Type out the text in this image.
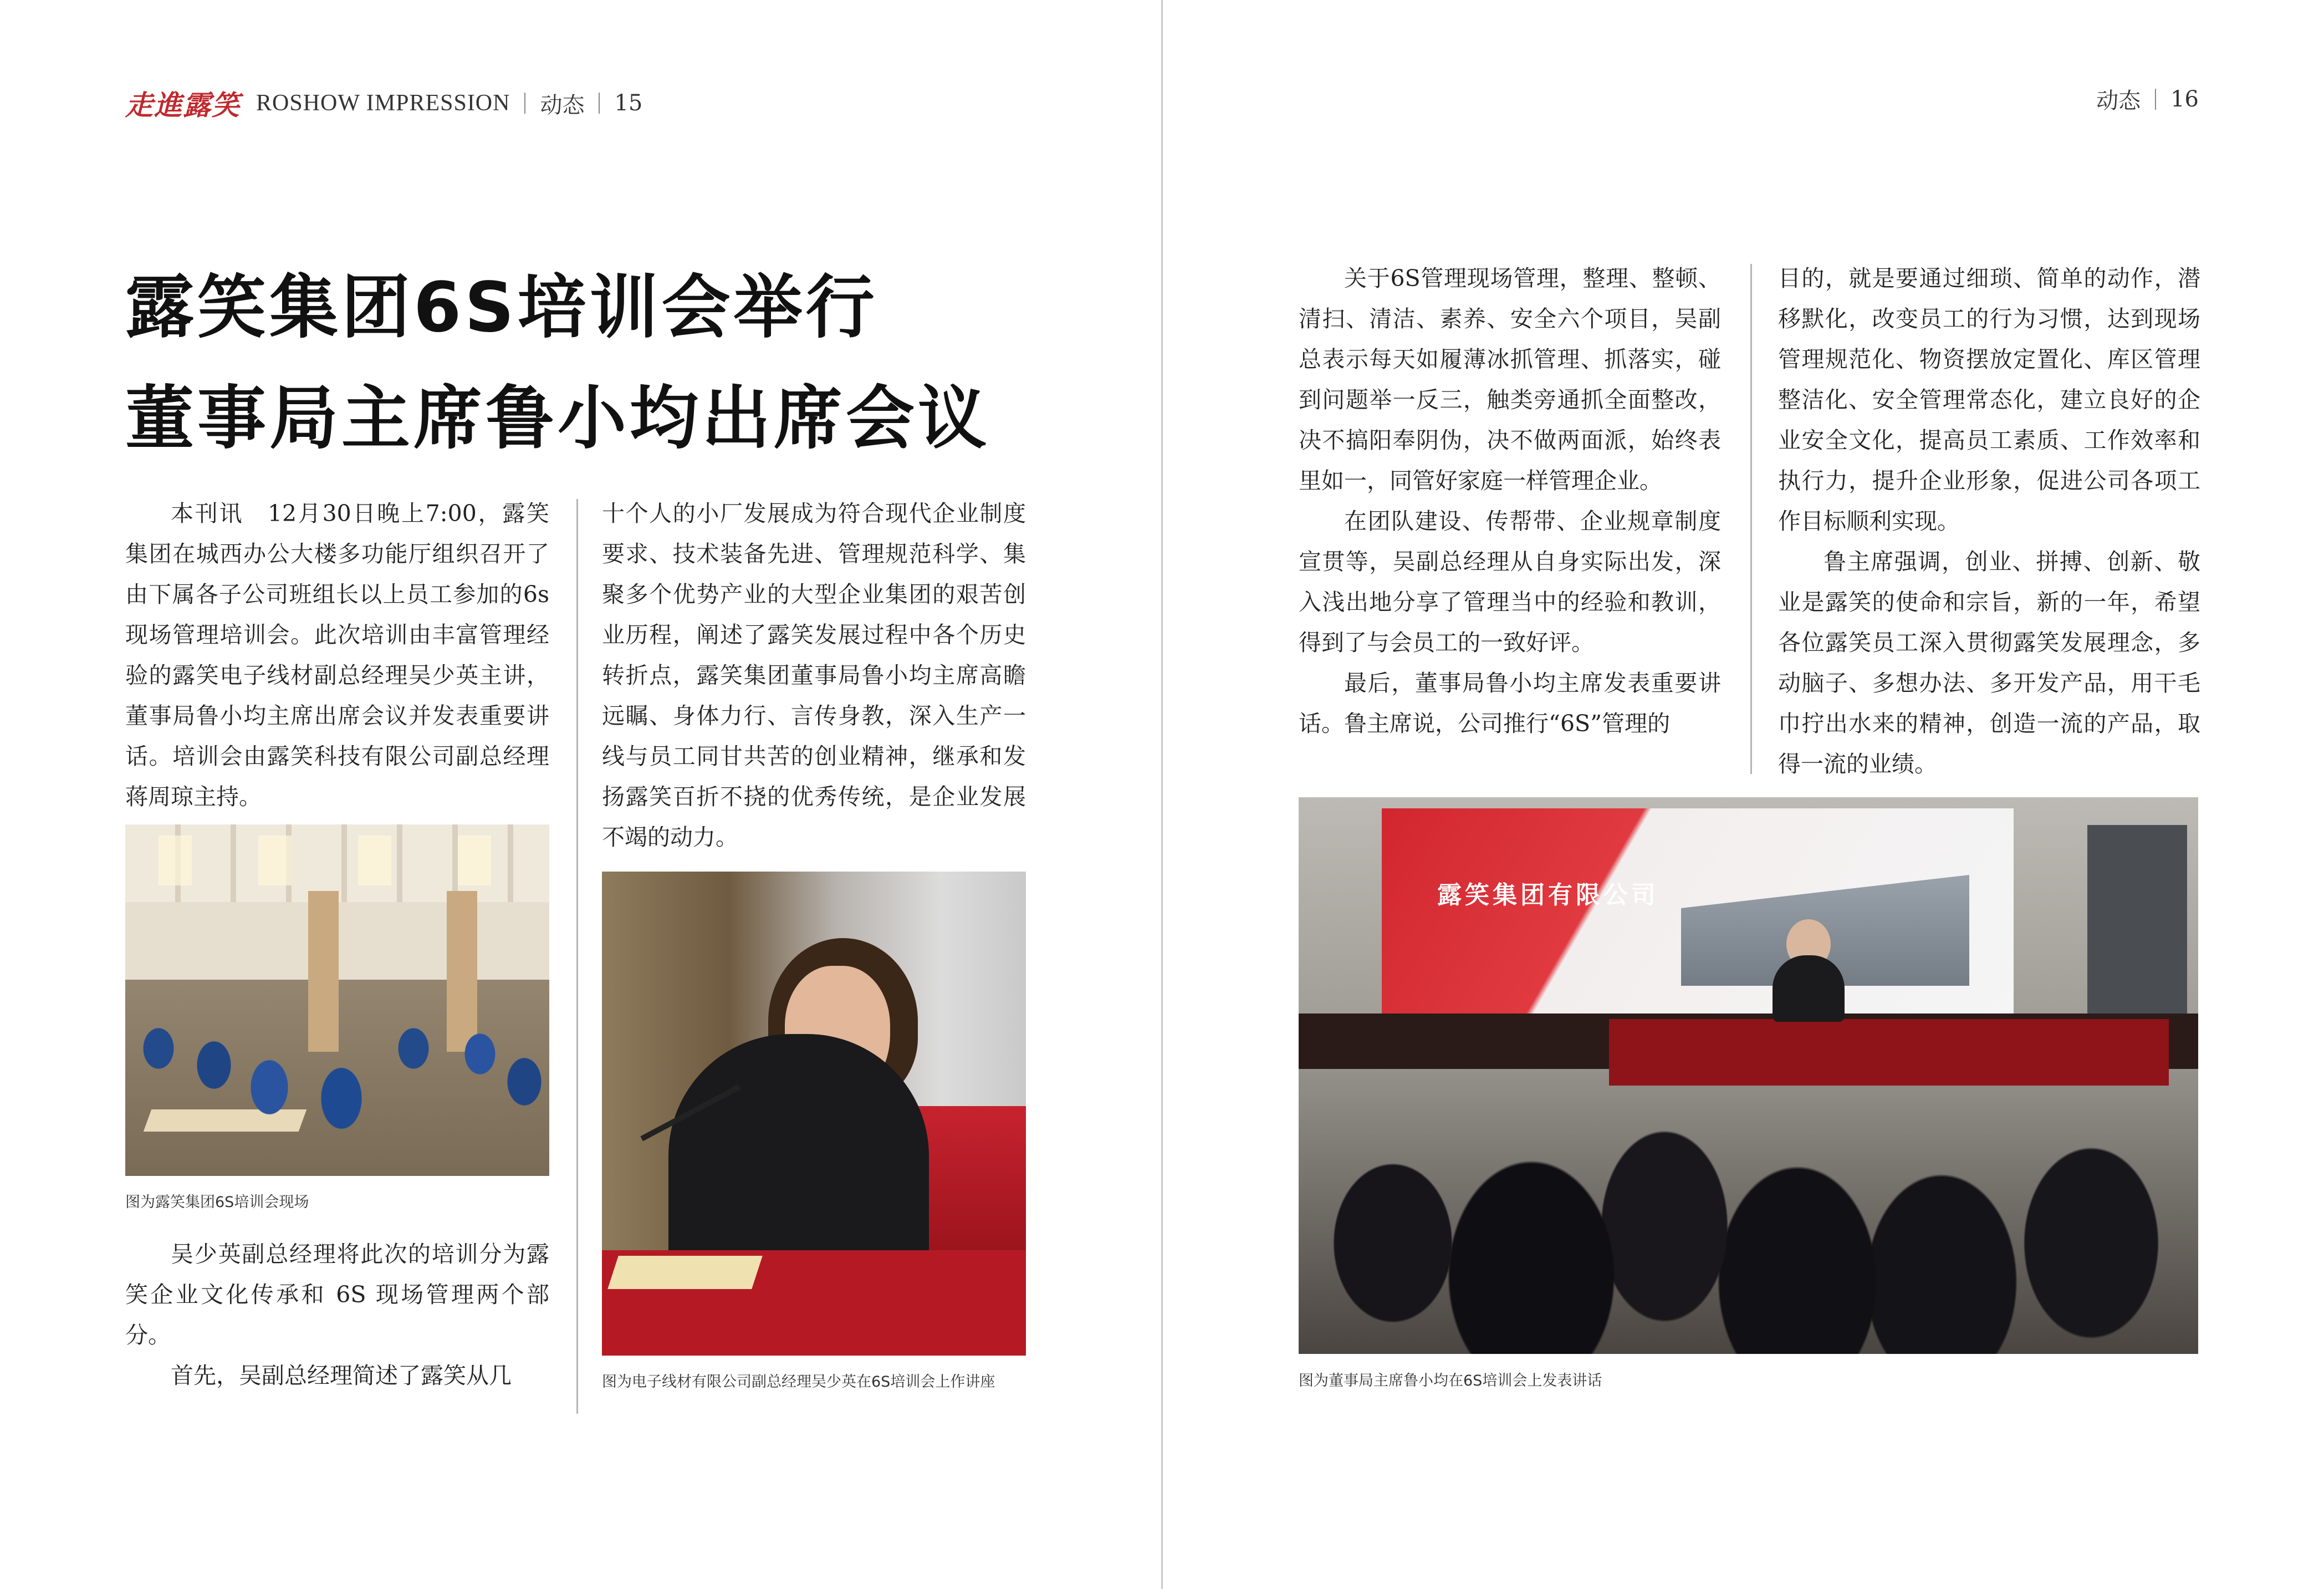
走進露笑 ROSHOW IMPRESSION 动态 15
露笑集团6S培训会举行
董事局主席鲁小均出席会议

本刊讯　12月30日晚上7:00，露笑集团在城西办公大楼多功能厅组织召开了由下属各子公司班组长以上员工参加的6s现场管理培训会。此次培训由丰富管理经验的露笑电子线材副总经理吴少英主讲，董事局鲁小均主席出席会议并发表重要讲话。培训会由露笑科技有限公司副总经理蒋周琼主持。

图为露笑集团6S培训会现场

吴少英副总经理将此次的培训分为露笑企业文化传承和 6S 现场管理两个部分。

首先，吴副总经理简述了露笑从几

十个人的小厂发展成为符合现代企业制度要求、技术装备先进、管理规范科学、集聚多个优势产业的大型企业集团的艰苦创业历程，阐述了露笑发展过程中各个历史转折点，露笑集团董事局鲁小均主席高瞻远瞩、身体力行、言传身教，深入生产一线与员工同甘共苦的创业精神，继承和发扬露笑百折不挠的优秀传统，是企业发展不竭的动力。

图为电子线材有限公司副总经理吴少英在6S培训会上作讲座
动态 16

关于6S管理现场管理，整理、整顿、清扫、清洁、素养、安全六个项目，吴副总表示每天如履薄冰抓管理、抓落实，碰到问题举一反三，触类旁通抓全面整改，决不搞阳奉阴伪，决不做两面派，始终表里如一，同管好家庭一样管理企业。

在团队建设、传帮带、企业规章制度宣贯等，吴副总经理从自身实际出发，深入浅出地分享了管理当中的经验和教训，得到了与会员工的一致好评。

最后，董事局鲁小均主席发表重要讲话。鲁主席说，公司推行“6S”管理的

目的，就是要通过细琐、简单的动作，潜移默化，改变员工的行为习惯，达到现场管理规范化、物资摆放定置化、库区管理整洁化、安全管理常态化，建立良好的企业安全文化，提高员工素质、工作效率和执行力，提升企业形象，促进公司各项工作目标顺利实现。

鲁主席强调，创业、拼搏、创新、敬业是露笑的使命和宗旨，新的一年，希望各位露笑员工深入贯彻露笑发展理念，多动脑子、多想办法、多开发产品，用干毛巾拧出水来的精神，创造一流的产品，取得一流的业绩。

露笑集团有限公司
图为董事局主席鲁小均在6S培训会上发表讲话
